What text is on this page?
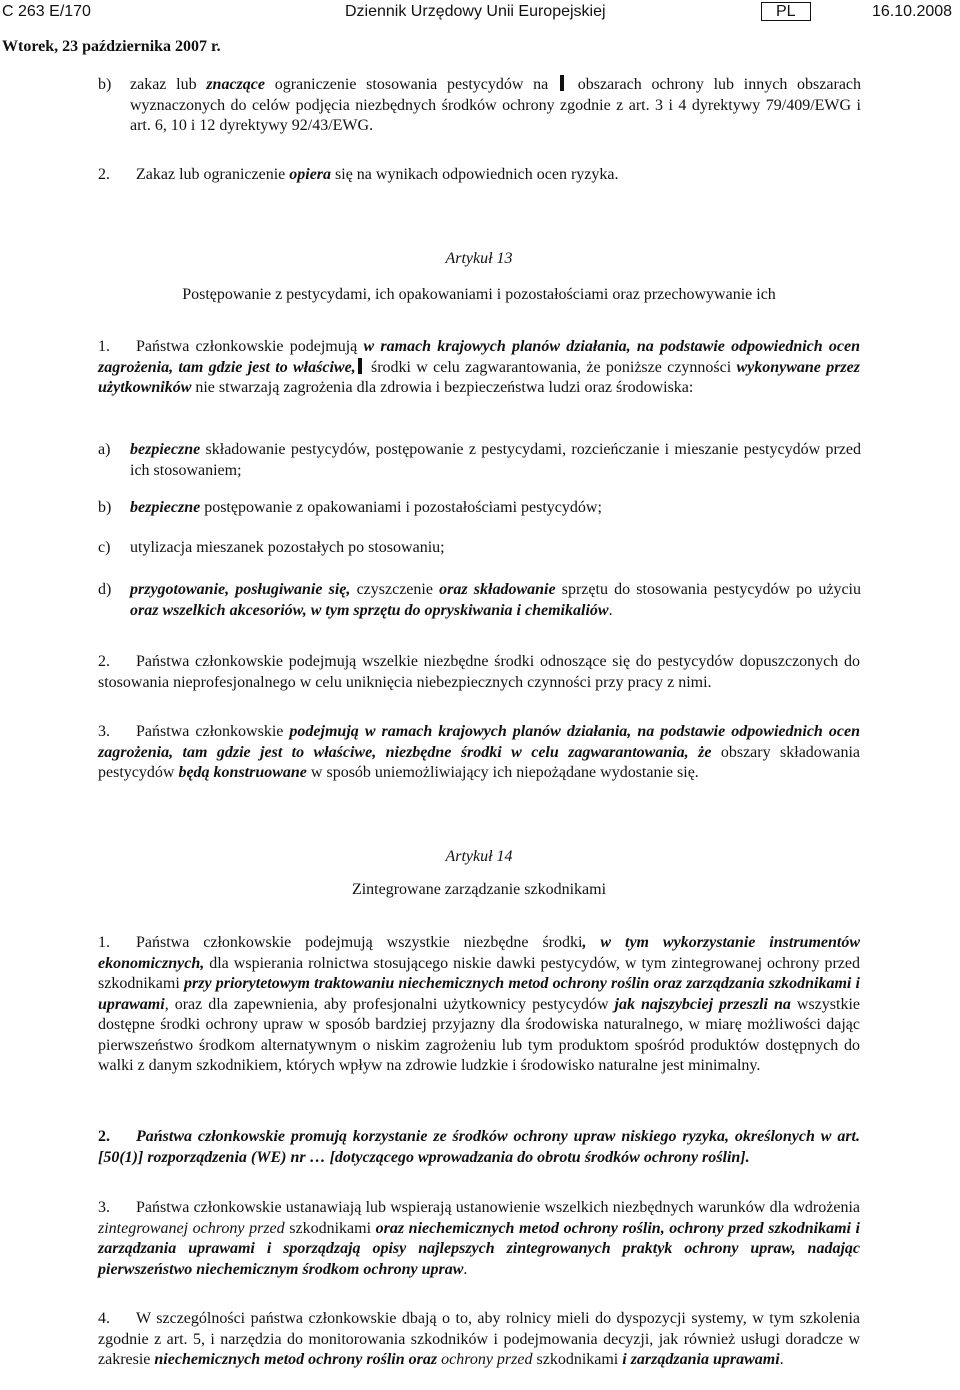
C 263 E/170	Dziennik Urzędowy Unii Europejskiej	PL	16.10.2008
Wtorek, 23 października 2007 r.
b) zakaz lub znaczące ograniczenie stosowania pestycydów na  obszarach ochrony lub innych obszarach wyznaczonych do celów podjęcia niezbędnych środków ochrony zgodnie z art. 3 i 4 dyrektywy 79/409/EWG i art. 6, 10 i 12 dyrektywy 92/43/EWG.
2. Zakaz lub ograniczenie opiera się na wynikach odpowiednich ocen ryzyka.
Artykuł 13
Postępowanie z pestycydami, ich opakowaniami i pozostałościami oraz przechowywanie ich
1. Państwa członkowskie podejmują w ramach krajowych planów działania, na podstawie odpowiednich ocen zagrożenia, tam gdzie jest to właściwe, środki w celu zagwarantowania, że poniższe czynności wykonywane przez użytkowników nie stwarzają zagrożenia dla zdrowia i bezpieczeństwa ludzi oraz środowiska:
a) bezpieczne składowanie pestycydów, postępowanie z pestycydami, rozcieńczanie i mieszanie pestycydów przed ich stosowaniem;
b) bezpieczne postępowanie z opakowaniami i pozostałościami pestycydów;
c) utylizacja mieszanek pozostałych po stosowaniu;
d) przygotowanie, posługiwanie się, czyszczenie oraz składowanie sprzętu do stosowania pestycydów po użyciu oraz wszelkich akcesoriów, w tym sprzętu do opryskiwania i chemikaliów.
2. Państwa członkowskie podejmują wszelkie niezbędne środki odnoszące się do pestycydów dopuszczonych do stosowania nieprofesjonalnego w celu uniknięcia niebezpiecznych czynności przy pracy z nimi.
3. Państwa członkowskie podejmują w ramach krajowych planów działania, na podstawie odpowiednich ocen zagrożenia, tam gdzie jest to właściwe, niezbędne środki w celu zagwarantowania, że obszary składowania pestycydów będą konstruowane w sposób uniemożliwiający ich niepożądane wydostanie się.
Artykuł 14
Zintegrowane zarządzanie szkodnikami
1. Państwa członkowskie podejmują wszystkie niezbędne środki, w tym wykorzystanie instrumentów ekonomicznych, dla wspierania rolnictwa stosującego niskie dawki pestycydów, w tym zintegrowanej ochrony przed szkodnikami przy priorytetowym traktowaniu niechemicznych metod ochrony roślin oraz zarządzania szkodnikami i uprawami, oraz dla zapewnienia, aby profesjonalni użytkownicy pestycydów jak najszybciej przeszli na wszystkie dostępne środki ochrony upraw w sposób bardziej przyjazny dla środowiska naturalnego, w miarę możliwości dając pierwszeństwo środkom alternatywnym o niskim zagrożeniu lub tym produktom spośród produktów dostępnych do walki z danym szkodnikiem, których wpływ na zdrowie ludzkie i środowisko naturalne jest minimalny.
2. Państwa członkowskie promują korzystanie ze środków ochrony upraw niskiego ryzyka, określonych w art. [50(1)] rozporządzenia (WE) nr … [dotyczącego wprowadzania do obrotu środków ochrony roślin].
3. Państwa członkowskie ustanawiają lub wspierają ustanowienie wszelkich niezbędnych warunków dla wdrożenia zintegrowanej ochrony przed szkodnikami oraz niechemicznych metod ochrony roślin, ochrony przed szkodnikami i zarządzania uprawami i sporządzają opisy najlepszych zintegrowanych praktyk ochrony upraw, nadając pierwszeństwo niechemicznym środkom ochrony upraw.
4. W szczególności państwa członkowskie dbają o to, aby rolnicy mieli do dyspozycji systemy, w tym szkolenia zgodnie z art. 5, i narzędzia do monitorowania szkodników i podejmowania decyzji, jak również usługi doradcze w zakresie niechemicznych metod ochrony roślin oraz ochrony przed szkodnikami i zarządzania uprawami.
